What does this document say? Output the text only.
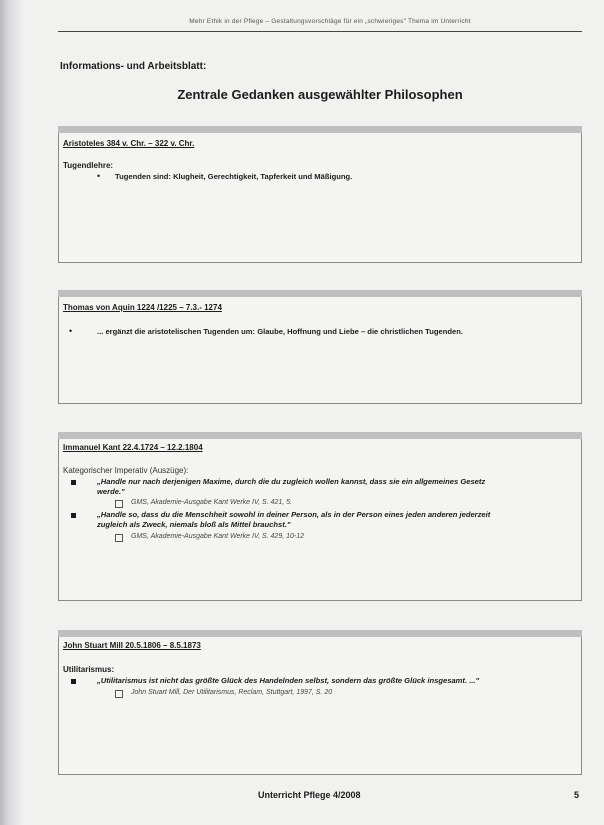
Mehr Ethik in der Pflege – Gestaltungsvorschläge für ein „schwieriges" Thema im Unterricht
Informations- und Arbeitsblatt:
Zentrale Gedanken ausgewählter Philosophen
Aristoteles 384 v. Chr. – 322 v. Chr.
Tugendlehre:
• Tugenden sind: Klugheit, Gerechtigkeit, Tapferkeit und Mäßigung.
Thomas von Aquin 1224 /1225 – 7.3.- 1274
•	... ergänzt die aristotelischen Tugenden um: Glaube, Hoffnung und Liebe – die christlichen Tugenden.
Immanuel Kant 22.4.1724 – 12.2.1804
Kategorischer Imperativ (Auszüge):
„Handle nur nach derjenigen Maxime, durch die du zugleich wollen kannst, dass sie ein allgemeines Gesetz
werde."
GMS, Akademie-Ausgabe Kant Werke IV, S. 421, 5.
„Handle so, dass du die Menschheit sowohl in deiner Person, als in der Person eines jeden anderen jederzeit
zugleich als Zweck, niemals bloß als Mittel brauchst."
GMS, Akademie-Ausgabe Kant Werke IV, S. 429, 10-12
John Stuart Mill 20.5.1806 – 8.5.1873
Utilitarismus:
„Utilitarismus ist nicht das größte Glück des Handelnden selbst, sondern das größte Glück insgesamt. ..."
John Stuart Mill, Der Utilitarismus, Reclam, Stuttgart, 1997, S. 20
Unterricht Pflege 4/2008	5
